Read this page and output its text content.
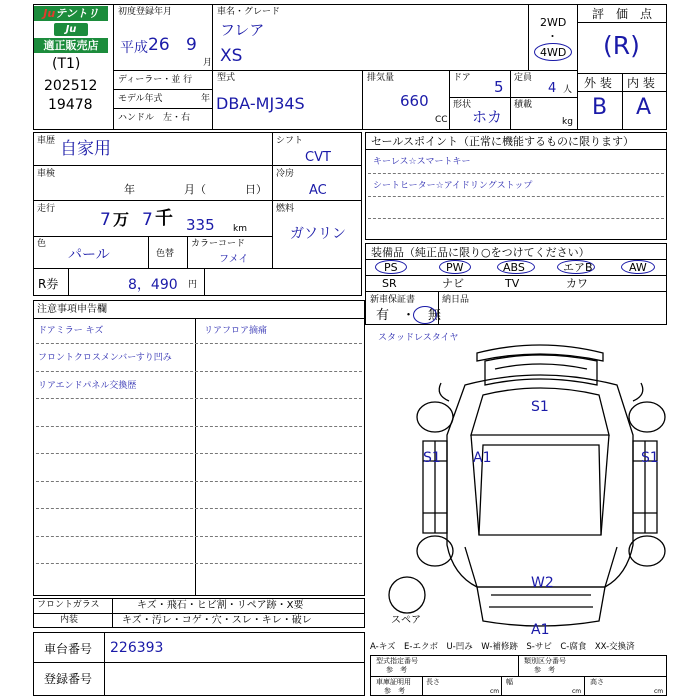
Juテントリ
Ju
適正販売店
(T1)
202512
19478
初度登録年月
平成 26 9
月
車名・グレード
フレア
XS
2WD
・
4WD
評　価　点
(R)
外 装 内 装
B A
ディーラー・並 行
モデル年式	年
ハンドル　左・右
型式
DBA-MJ34S
排気量
660
CC
ドア 5 定員
4 人
形状
ホカ
積載
kg
車歴 自家用
車検
年	月（	日）
走行
7 万 7 千 335 km
色
パール	色替
カラーコード
フメイ
シフト
CVT
冷房
AC
燃料
ガソリン
R券	8，490 円
セールスポイント（正常に機能するものに限ります）
キーレス☆スマートキー
シートヒーター☆アイドリングストップ
装備品（純正品に限り○をつけてください）
PS	PW	ABS	エアB	AW
SR	ナビ	TV	カワ
新車保証書
有　・　無
納日品
注意事項申告欄
ドアミラー キズ
フロントクロスメンバーすり凹み
リアエンドパネル交換歴
リアフロア摘痛
スタッドレスタイヤ
S1
S1 A1	S1
W2
A1
スペア
フロントガラス	キズ・飛石・ヒビ割・リペア跡・X要
内装	キズ・汚レ・コゲ・穴・スレ・キレ・破レ
車台番号 226393
登録番号
A-キズ　E-エクボ　U-凹み　W-補修跡　S-サビ　C-腐食　XX-交換済
型式指定番号
参　考
類別区分番号
参　考
車庫証明用
参　考
長さ
cm
幅
cm
高さ
cm
